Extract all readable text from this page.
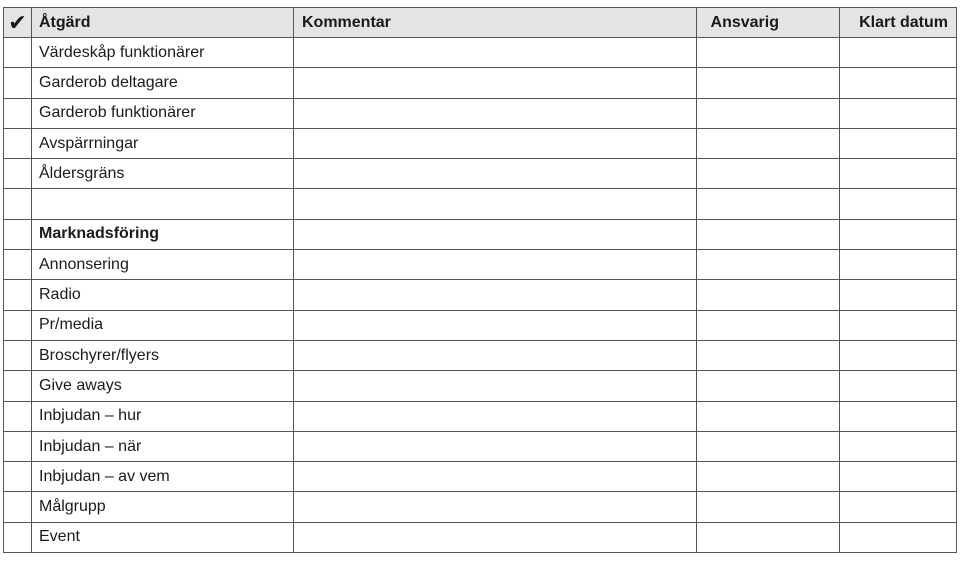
✔	Åtgärd	Kommentar	Ansvarig	Klart datum
	Värdeskåp funktionärer			
	Garderob deltagare			
	Garderob funktionärer			
	Avspärrningar			
	Åldersgräns			

	Marknadsföring			
	Annonsering			
	Radio			
	Pr/media			
	Broschyrer/flyers			
	Give aways			
	Inbjudan – hur			
	Inbjudan – när			
	Inbjudan – av vem			
	Målgrupp			
	Event			
